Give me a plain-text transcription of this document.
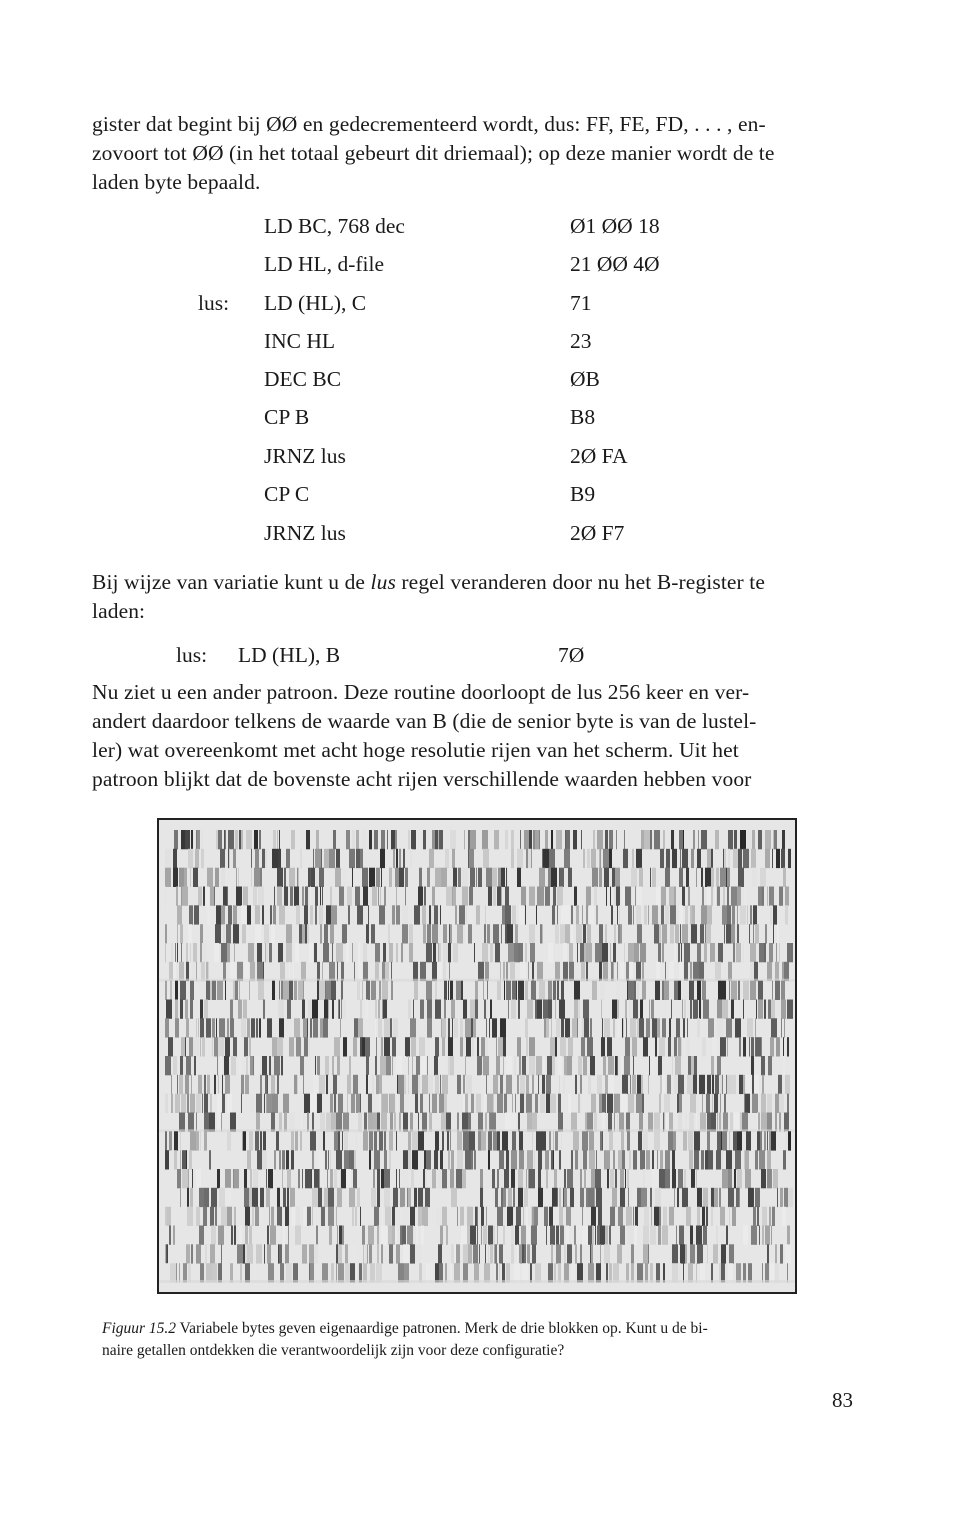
gister dat begint bij ØØ en gedecrementeerd wordt, dus: FF, FE, FD, . . . , en-
zovoort tot ØØ (in het totaal gebeurt dit driemaal); op deze manier wordt de te
laden byte bepaald.
LD BC, 768 dec	Ø1 ØØ 18
LD HL, d-file	21 ØØ 4Ø
lus: LD (HL), C	71
INC HL	23
DEC BC	ØB
CP B	B8
JRNZ lus	2Ø FA
CP C	B9
JRNZ lus	2Ø F7
Bij wijze van variatie kunt u de lus regel veranderen door nu het B-register te
laden:
lus: LD (HL), B	7Ø
Nu ziet u een ander patroon. Deze routine doorloopt de lus 256 keer en ver-
andert daardoor telkens de waarde van B (die de senior byte is van de lustel-
ler) wat overeenkomt met acht hoge resolutie rijen van het scherm. Uit het
patroon blijkt dat de bovenste acht rijen verschillende waarden hebben voor
Figuur 15.2 Variabele bytes geven eigenaardige patronen. Merk de drie blokken op. Kunt u de bi-
naire getallen ontdekken die verantwoordelijk zijn voor deze configuratie?
83
